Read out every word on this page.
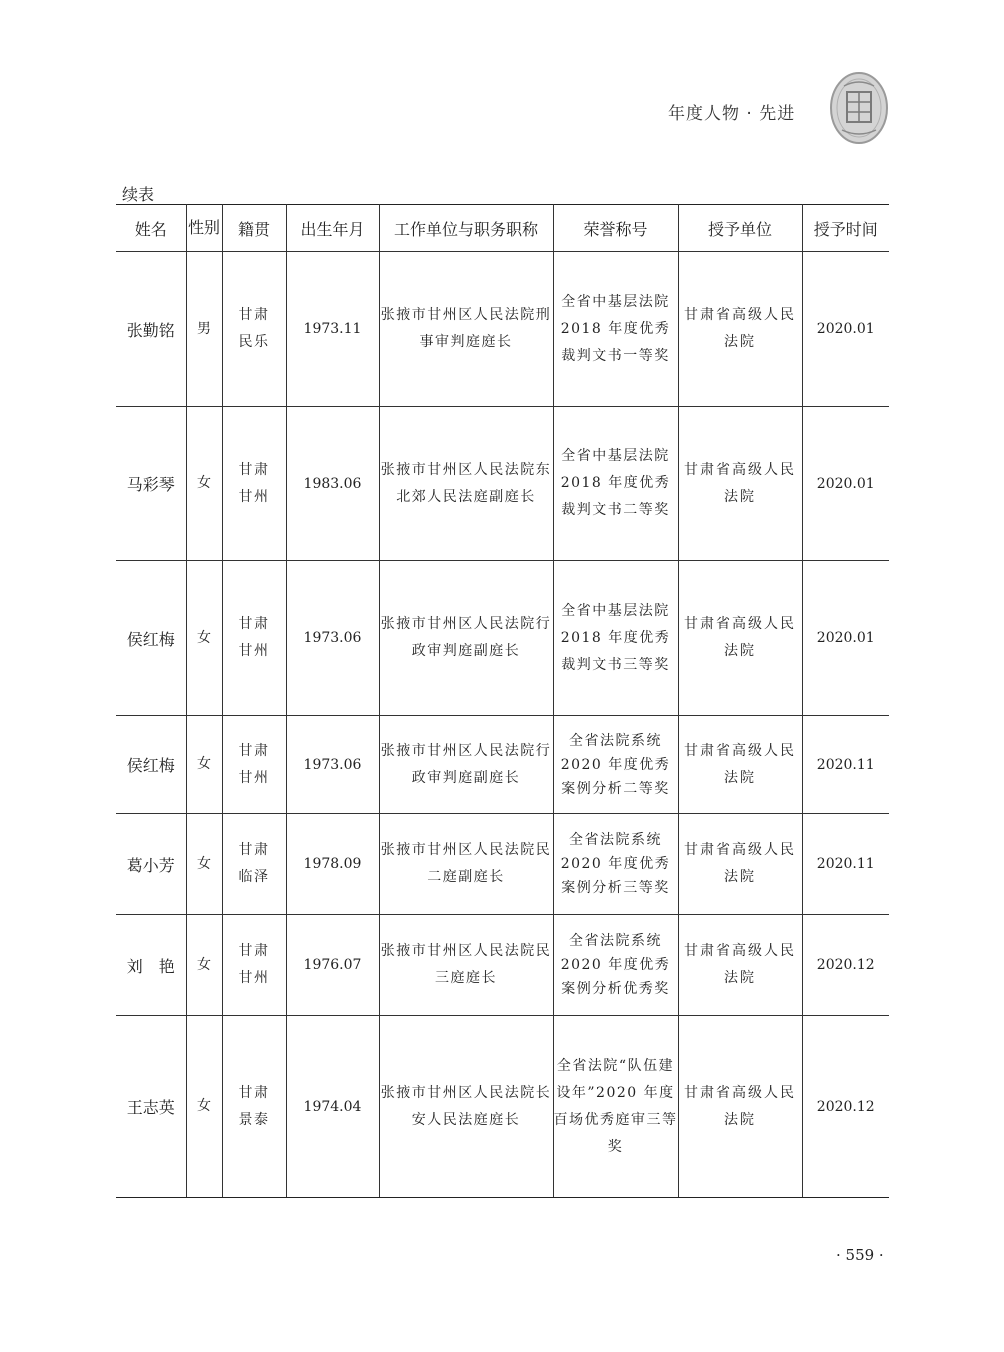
年度人物 · 先进
续表
姓名	性别	籍贯	出生年月	工作单位与职务职称	荣誉称号	授予单位	授予时间
张勤铭	男	甘肃民乐	1973.11	张掖市甘州区人民法院刑事审判庭庭长	全省中基层法院 2018 年度优秀裁判文书一等奖	甘肃省高级人民法院	2020.01
马彩琴	女	甘肃甘州	1983.06	张掖市甘州区人民法院东北郊人民法庭副庭长	全省中基层法院 2018 年度优秀裁判文书二等奖	甘肃省高级人民法院	2020.01
侯红梅	女	甘肃甘州	1973.06	张掖市甘州区人民法院行政审判庭副庭长	全省中基层法院 2018 年度优秀裁判文书三等奖	甘肃省高级人民法院	2020.01
侯红梅	女	甘肃甘州	1973.06	张掖市甘州区人民法院行政审判庭副庭长	全省法院系统 2020 年度优秀案例分析二等奖	甘肃省高级人民法院	2020.11
葛小芳	女	甘肃临泽	1978.09	张掖市甘州区人民法院民二庭副庭长	全省法院系统 2020 年度优秀案例分析三等奖	甘肃省高级人民法院	2020.11
刘　艳	女	甘肃甘州	1976.07	张掖市甘州区人民法院民三庭庭长	全省法院系统 2020 年度优秀案例分析优秀奖	甘肃省高级人民法院	2020.12
王志英	女	甘肃景泰	1974.04	张掖市甘州区人民法院长安人民法庭庭长	全省法院“队伍建设年”2020 年度百场优秀庭审三等奖	甘肃省高级人民法院	2020.12
· 559 ·
